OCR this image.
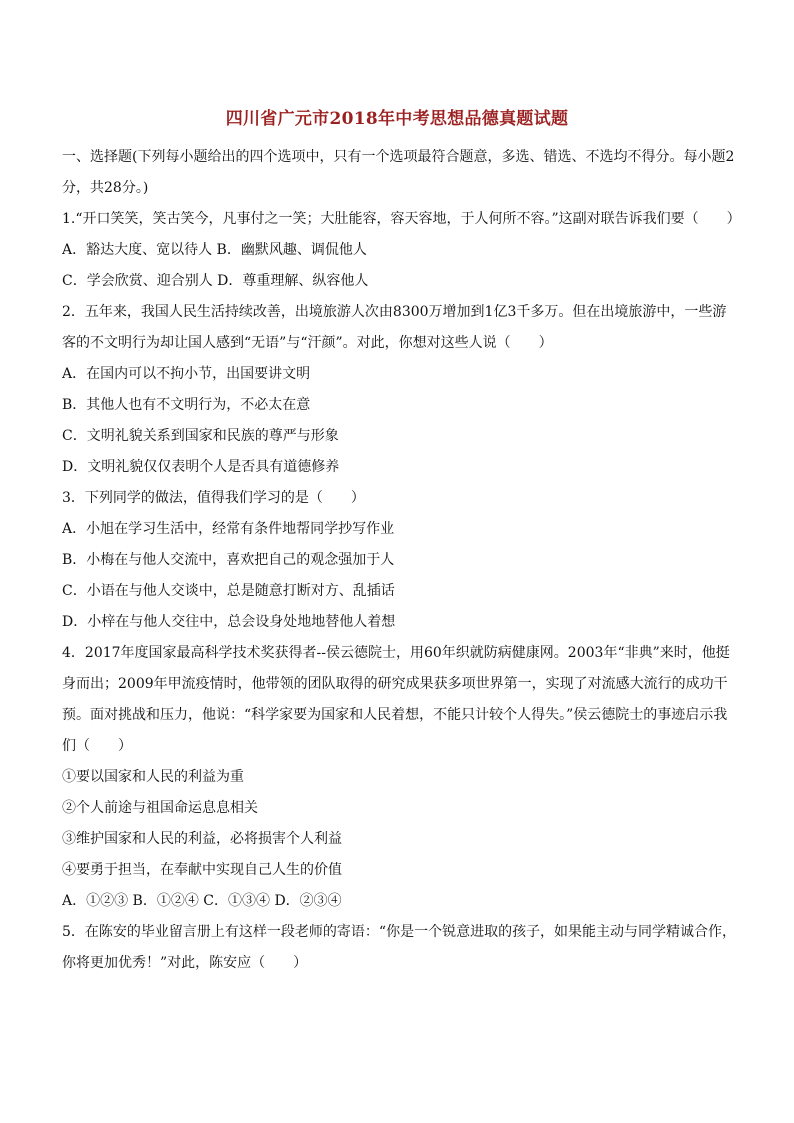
四川省广元市2018年中考思想品德真题试题

一、选择题(下列每小题给出的四个选项中，只有一个选项最符合题意，多选、错选、不选均不得分。每小题2分，共28分。)

1.“开口笑笑，笑古笑今，凡事付之一笑；大肚能容，容天容地，于人何所不容。”这副对联告诉我们要（　　）

A．豁达大度、宽以待人 B．幽默风趣、调侃他人

C．学会欣赏、迎合别人 D．尊重理解、纵容他人

2．五年来，我国人民生活持续改善，出境旅游人次由8300万增加到1亿3千多万。但在出境旅游中，一些游客的不文明行为却让国人感到“无语”与“汗颜”。对此，你想对这些人说（　　）

A．在国内可以不拘小节，出国要讲文明

B．其他人也有不文明行为，不必太在意

C．文明礼貌关系到国家和民族的尊严与形象

D．文明礼貌仅仅表明个人是否具有道德修养

3．下列同学的做法，值得我们学习的是（　　）

A．小旭在学习生活中，经常有条件地帮同学抄写作业

B．小梅在与他人交流中，喜欢把自己的观念强加于人

C．小语在与他人交谈中，总是随意打断对方、乱插话

D．小梓在与他人交往中，总会设身处地地替他人着想

4．2017年度国家最高科学技术奖获得者--侯云德院士，用60年织就防病健康网。2003年“非典”来时，他挺身而出；2009年甲流疫情时，他带领的团队取得的研究成果获多项世界第一，实现了对流感大流行的成功干预。面对挑战和压力，他说：“科学家要为国家和人民着想，不能只计较个人得失。”侯云德院士的事迹启示我们（　　）

①要以国家和人民的利益为重

②个人前途与祖国命运息息相关

③维护国家和人民的利益，必将损害个人利益

④要勇于担当，在奉献中实现自己人生的价值

A．①②③ B．①②④ C．①③④ D．②③④

5．在陈安的毕业留言册上有这样一段老师的寄语：“你是一个锐意进取的孩子，如果能主动与同学精诚合作，你将更加优秀！”对此，陈安应（　　）
